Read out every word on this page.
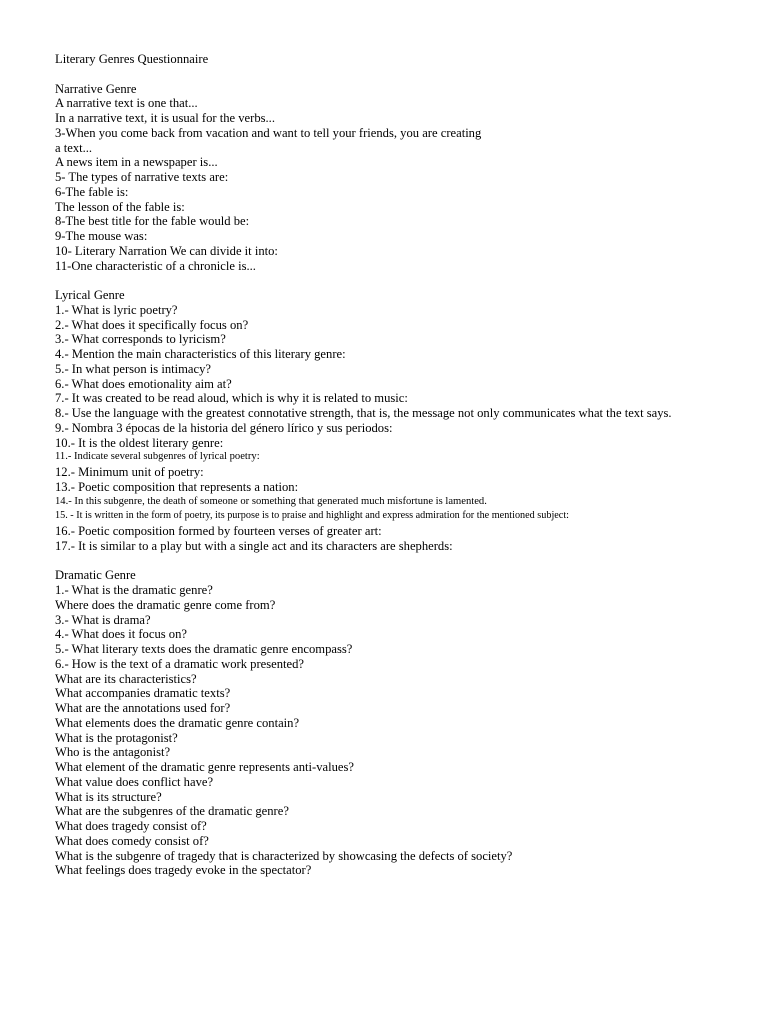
Literary Genres Questionnaire
Narrative Genre
A narrative text is one that...
In a narrative text, it is usual for the verbs...
3-When you come back from vacation and want to tell your friends, you are creating
a text...
A news item in a newspaper is...
5- The types of narrative texts are:
6-The fable is:
The lesson of the fable is:
8-The best title for the fable would be:
9-The mouse was:
10- Literary Narration We can divide it into:
11-One characteristic of a chronicle is...
Lyrical Genre
1.- What is lyric poetry?
2.- What does it specifically focus on?
3.- What corresponds to lyricism?
4.- Mention the main characteristics of this literary genre:
5.- In what person is intimacy?
6.- What does emotionality aim at?
7.- It was created to be read aloud, which is why it is related to music:
8.- Use the language with the greatest connotative strength, that is, the message not only communicates what the text says.
9.- Nombra 3 épocas de la historia del género lírico y sus periodos:
10.- It is the oldest literary genre:
11.- Indicate several subgenres of lyrical poetry:
12.- Minimum unit of poetry:
13.- Poetic composition that represents a nation:
14.- In this subgenre, the death of someone or something that generated much misfortune is lamented.
15. - It is written in the form of poetry, its purpose is to praise and highlight and express admiration for the mentioned subject:
16.- Poetic composition formed by fourteen verses of greater art:
17.- It is similar to a play but with a single act and its characters are shepherds:
Dramatic Genre
1.- What is the dramatic genre?
Where does the dramatic genre come from?
3.- What is drama?
4.- What does it focus on?
5.- What literary texts does the dramatic genre encompass?
6.- How is the text of a dramatic work presented?
What are its characteristics?
What accompanies dramatic texts?
What are the annotations used for?
What elements does the dramatic genre contain?
What is the protagonist?
Who is the antagonist?
What element of the dramatic genre represents anti-values?
What value does conflict have?
What is its structure?
What are the subgenres of the dramatic genre?
What does tragedy consist of?
What does comedy consist of?
What is the subgenre of tragedy that is characterized by showcasing the defects of society?
What feelings does tragedy evoke in the spectator?
